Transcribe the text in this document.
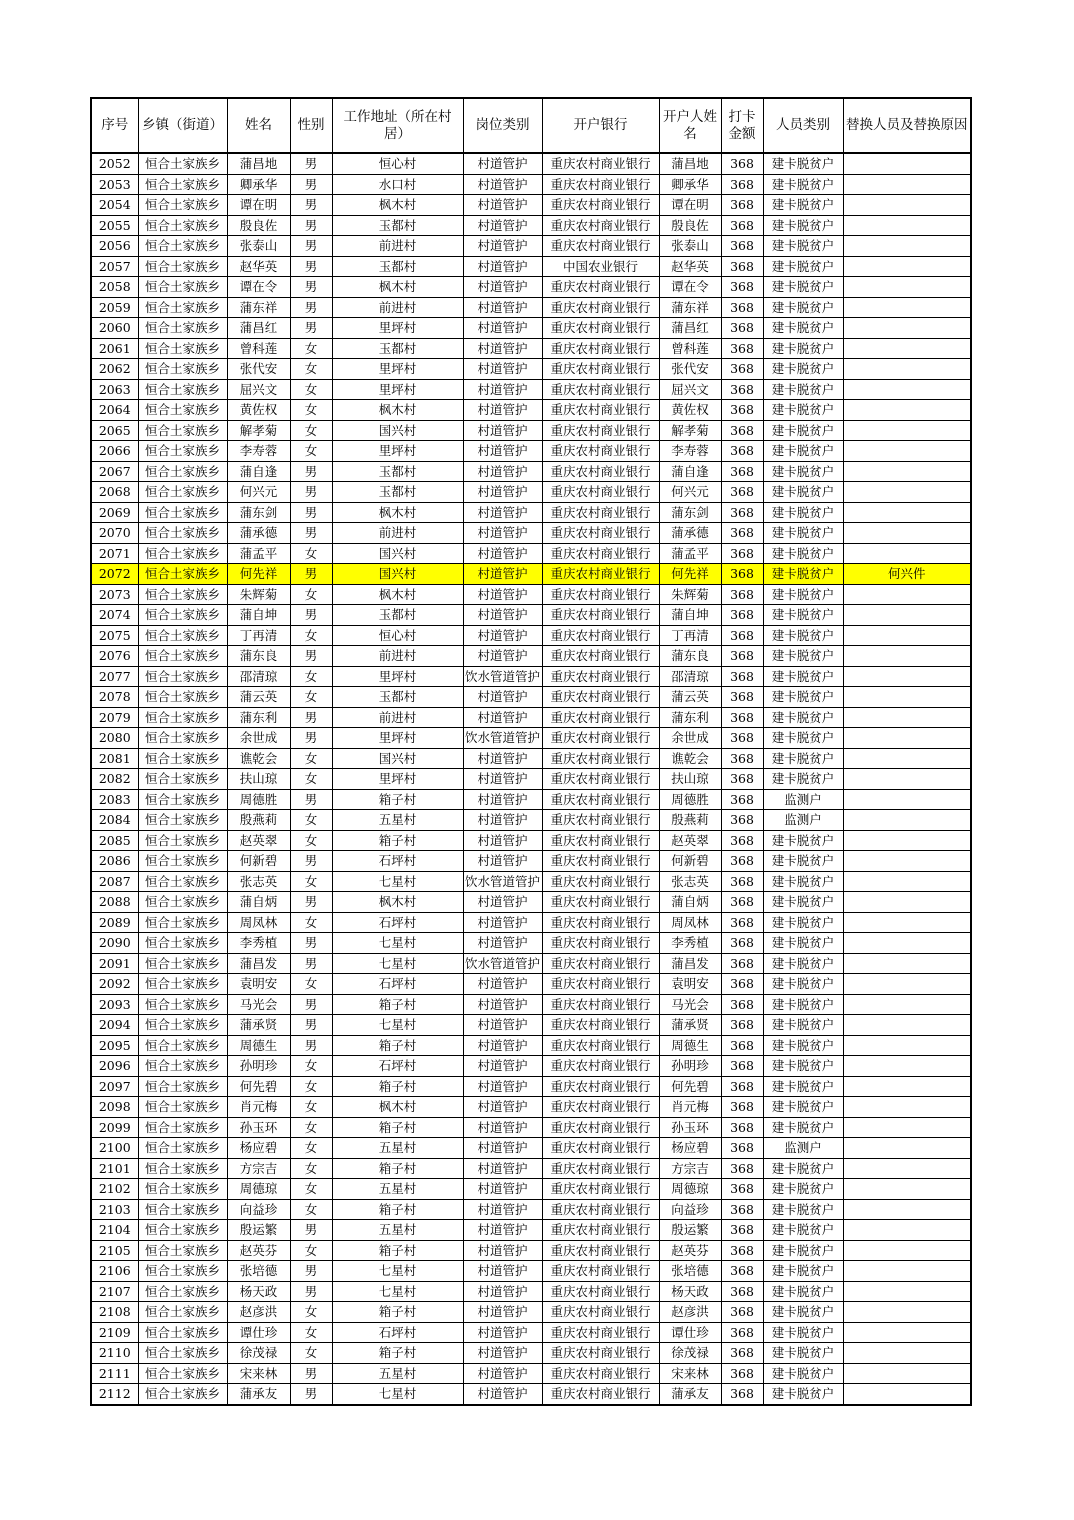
序号	乡镇（街道）	姓名	性别	工作地址（所在村居）	岗位类别	开户银行	开户人姓名	打卡金额	人员类别	替换人员及替换原因
2052	恒合土家族乡	蒲昌地	男	恒心村	村道管护	重庆农村商业银行	蒲昌地	368	建卡脱贫户	
2053	恒合土家族乡	卿承华	男	水口村	村道管护	重庆农村商业银行	卿承华	368	建卡脱贫户	
2054	恒合土家族乡	谭在明	男	枫木村	村道管护	重庆农村商业银行	谭在明	368	建卡脱贫户	
2055	恒合土家族乡	殷良佐	男	玉都村	村道管护	重庆农村商业银行	殷良佐	368	建卡脱贫户	
2056	恒合土家族乡	张泰山	男	前进村	村道管护	重庆农村商业银行	张泰山	368	建卡脱贫户	
2057	恒合土家族乡	赵华英	男	玉都村	村道管护	中国农业银行	赵华英	368	建卡脱贫户	
2058	恒合土家族乡	谭在令	男	枫木村	村道管护	重庆农村商业银行	谭在令	368	建卡脱贫户	
2059	恒合土家族乡	蒲东祥	男	前进村	村道管护	重庆农村商业银行	蒲东祥	368	建卡脱贫户	
2060	恒合土家族乡	蒲昌红	男	里坪村	村道管护	重庆农村商业银行	蒲昌红	368	建卡脱贫户	
2061	恒合土家族乡	曾科莲	女	玉都村	村道管护	重庆农村商业银行	曾科莲	368	建卡脱贫户	
2062	恒合土家族乡	张代安	女	里坪村	村道管护	重庆农村商业银行	张代安	368	建卡脱贫户	
2063	恒合土家族乡	屈兴文	女	里坪村	村道管护	重庆农村商业银行	屈兴文	368	建卡脱贫户	
2064	恒合土家族乡	黄佐权	女	枫木村	村道管护	重庆农村商业银行	黄佐权	368	建卡脱贫户	
2065	恒合土家族乡	解孝菊	女	国兴村	村道管护	重庆农村商业银行	解孝菊	368	建卡脱贫户	
2066	恒合土家族乡	李寿蓉	女	里坪村	村道管护	重庆农村商业银行	李寿蓉	368	建卡脱贫户	
2067	恒合土家族乡	蒲自逢	男	玉都村	村道管护	重庆农村商业银行	蒲自逢	368	建卡脱贫户	
2068	恒合土家族乡	何兴元	男	玉都村	村道管护	重庆农村商业银行	何兴元	368	建卡脱贫户	
2069	恒合土家族乡	蒲东剑	男	枫木村	村道管护	重庆农村商业银行	蒲东剑	368	建卡脱贫户	
2070	恒合土家族乡	蒲承德	男	前进村	村道管护	重庆农村商业银行	蒲承德	368	建卡脱贫户	
2071	恒合土家族乡	蒲孟平	女	国兴村	村道管护	重庆农村商业银行	蒲孟平	368	建卡脱贫户	
2072	恒合土家族乡	何先祥	男	国兴村	村道管护	重庆农村商业银行	何先祥	368	建卡脱贫户	何兴件
2073	恒合土家族乡	朱辉菊	女	枫木村	村道管护	重庆农村商业银行	朱辉菊	368	建卡脱贫户	
2074	恒合土家族乡	蒲自坤	男	玉都村	村道管护	重庆农村商业银行	蒲自坤	368	建卡脱贫户	
2075	恒合土家族乡	丁再清	女	恒心村	村道管护	重庆农村商业银行	丁再清	368	建卡脱贫户	
2076	恒合土家族乡	蒲东良	男	前进村	村道管护	重庆农村商业银行	蒲东良	368	建卡脱贫户	
2077	恒合土家族乡	邵清琼	女	里坪村	饮水管道管护	重庆农村商业银行	邵清琼	368	建卡脱贫户	
2078	恒合土家族乡	蒲云英	女	玉都村	村道管护	重庆农村商业银行	蒲云英	368	建卡脱贫户	
2079	恒合土家族乡	蒲东利	男	前进村	村道管护	重庆农村商业银行	蒲东利	368	建卡脱贫户	
2080	恒合土家族乡	余世成	男	里坪村	饮水管道管护	重庆农村商业银行	余世成	368	建卡脱贫户	
2081	恒合土家族乡	谯乾会	女	国兴村	村道管护	重庆农村商业银行	谯乾会	368	建卡脱贫户	
2082	恒合土家族乡	扶山琼	女	里坪村	村道管护	重庆农村商业银行	扶山琼	368	建卡脱贫户	
2083	恒合土家族乡	周德胜	男	箱子村	村道管护	重庆农村商业银行	周德胜	368	监测户	
2084	恒合土家族乡	殷燕莉	女	五星村	村道管护	重庆农村商业银行	殷燕莉	368	监测户	
2085	恒合土家族乡	赵英翠	女	箱子村	村道管护	重庆农村商业银行	赵英翠	368	建卡脱贫户	
2086	恒合土家族乡	何新碧	男	石坪村	村道管护	重庆农村商业银行	何新碧	368	建卡脱贫户	
2087	恒合土家族乡	张志英	女	七星村	饮水管道管护	重庆农村商业银行	张志英	368	建卡脱贫户	
2088	恒合土家族乡	蒲自炳	男	枫木村	村道管护	重庆农村商业银行	蒲自炳	368	建卡脱贫户	
2089	恒合土家族乡	周凤林	女	石坪村	村道管护	重庆农村商业银行	周凤林	368	建卡脱贫户	
2090	恒合土家族乡	李秀植	男	七星村	村道管护	重庆农村商业银行	李秀植	368	建卡脱贫户	
2091	恒合土家族乡	蒲昌发	男	七星村	饮水管道管护	重庆农村商业银行	蒲昌发	368	建卡脱贫户	
2092	恒合土家族乡	袁明安	女	石坪村	村道管护	重庆农村商业银行	袁明安	368	建卡脱贫户	
2093	恒合土家族乡	马光会	男	箱子村	村道管护	重庆农村商业银行	马光会	368	建卡脱贫户	
2094	恒合土家族乡	蒲承贤	男	七星村	村道管护	重庆农村商业银行	蒲承贤	368	建卡脱贫户	
2095	恒合土家族乡	周德生	男	箱子村	村道管护	重庆农村商业银行	周德生	368	建卡脱贫户	
2096	恒合土家族乡	孙明珍	女	石坪村	村道管护	重庆农村商业银行	孙明珍	368	建卡脱贫户	
2097	恒合土家族乡	何先碧	女	箱子村	村道管护	重庆农村商业银行	何先碧	368	建卡脱贫户	
2098	恒合土家族乡	肖元梅	女	枫木村	村道管护	重庆农村商业银行	肖元梅	368	建卡脱贫户	
2099	恒合土家族乡	孙玉环	女	箱子村	村道管护	重庆农村商业银行	孙玉环	368	建卡脱贫户	
2100	恒合土家族乡	杨应碧	女	五星村	村道管护	重庆农村商业银行	杨应碧	368	监测户	
2101	恒合土家族乡	方宗吉	女	箱子村	村道管护	重庆农村商业银行	方宗吉	368	建卡脱贫户	
2102	恒合土家族乡	周德琼	女	五星村	村道管护	重庆农村商业银行	周德琼	368	建卡脱贫户	
2103	恒合土家族乡	向益珍	女	箱子村	村道管护	重庆农村商业银行	向益珍	368	建卡脱贫户	
2104	恒合土家族乡	殷运繁	男	五星村	村道管护	重庆农村商业银行	殷运繁	368	建卡脱贫户	
2105	恒合土家族乡	赵英芬	女	箱子村	村道管护	重庆农村商业银行	赵英芬	368	建卡脱贫户	
2106	恒合土家族乡	张培德	男	七星村	村道管护	重庆农村商业银行	张培德	368	建卡脱贫户	
2107	恒合土家族乡	杨天政	男	七星村	村道管护	重庆农村商业银行	杨天政	368	建卡脱贫户	
2108	恒合土家族乡	赵彦洪	女	箱子村	村道管护	重庆农村商业银行	赵彦洪	368	建卡脱贫户	
2109	恒合土家族乡	谭仕珍	女	石坪村	村道管护	重庆农村商业银行	谭仕珍	368	建卡脱贫户	
2110	恒合土家族乡	徐茂禄	女	箱子村	村道管护	重庆农村商业银行	徐茂禄	368	建卡脱贫户	
2111	恒合土家族乡	宋来林	男	五星村	村道管护	重庆农村商业银行	宋来林	368	建卡脱贫户	
2112	恒合土家族乡	蒲承友	男	七星村	村道管护	重庆农村商业银行	蒲承友	368	建卡脱贫户	
